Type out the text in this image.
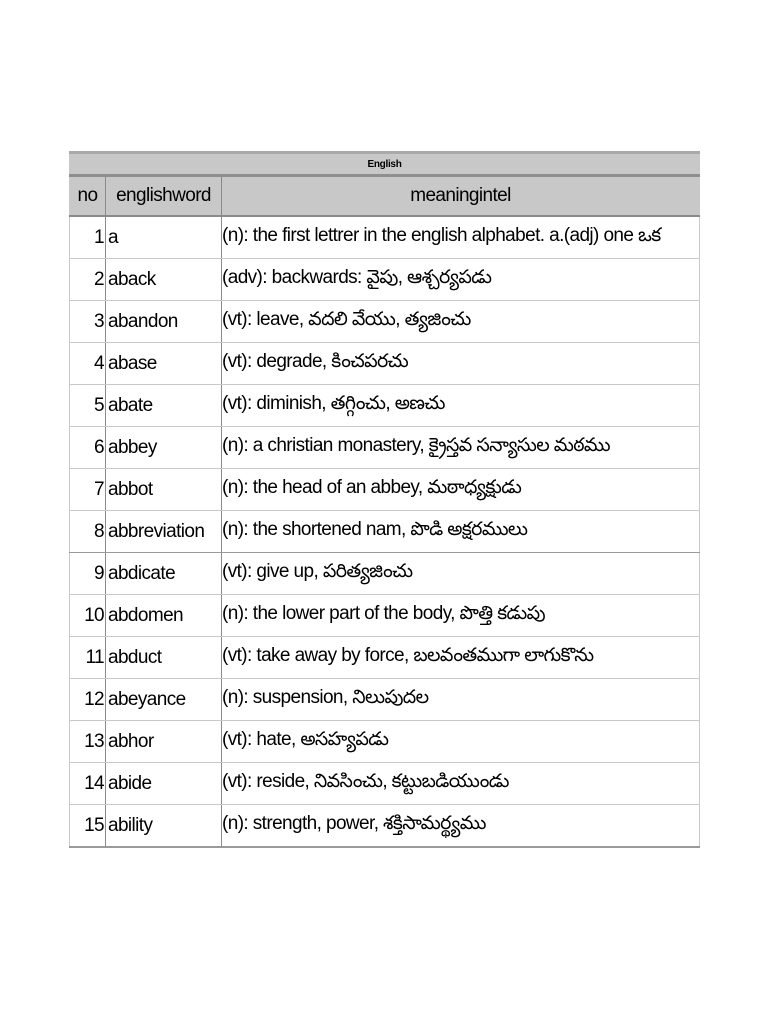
English		
no	englishword	meaningintel
1	a	(n): the first lettrer in the english alphabet. a.(adj) one ఒక
2	aback	(adv): backwards: వైపు, ఆశ్చర్యపడు
3	abandon	(vt): leave, వదలి వేయు, త్యజించు
4	abase	(vt): degrade, కించపరచు
5	abate	(vt): diminish, తగ్గించు, అణచు
6	abbey	(n): a christian monastery, క్రైస్తవ సన్యాసుల మఠము
7	abbot	(n): the head of an abbey, మఠాధ్యక్షుడు
8	abbreviation	(n): the shortened nam, పొడి అక్షరములు
9	abdicate	(vt): give up, పరిత్యజించు
10	abdomen	(n): the lower part of the body, పొత్తి కడుపు
11	abduct	(vt): take away by force, బలవంతముగా లాగుకొను
12	abeyance	(n): suspension, నిలుపుదల
13	abhor	(vt): hate, అసహ్యపడు
14	abide	(vt): reside, నివసించు, కట్టుబడియుండు
15	ability	(n): strength, power, శక్తిసామర్థ్యము
